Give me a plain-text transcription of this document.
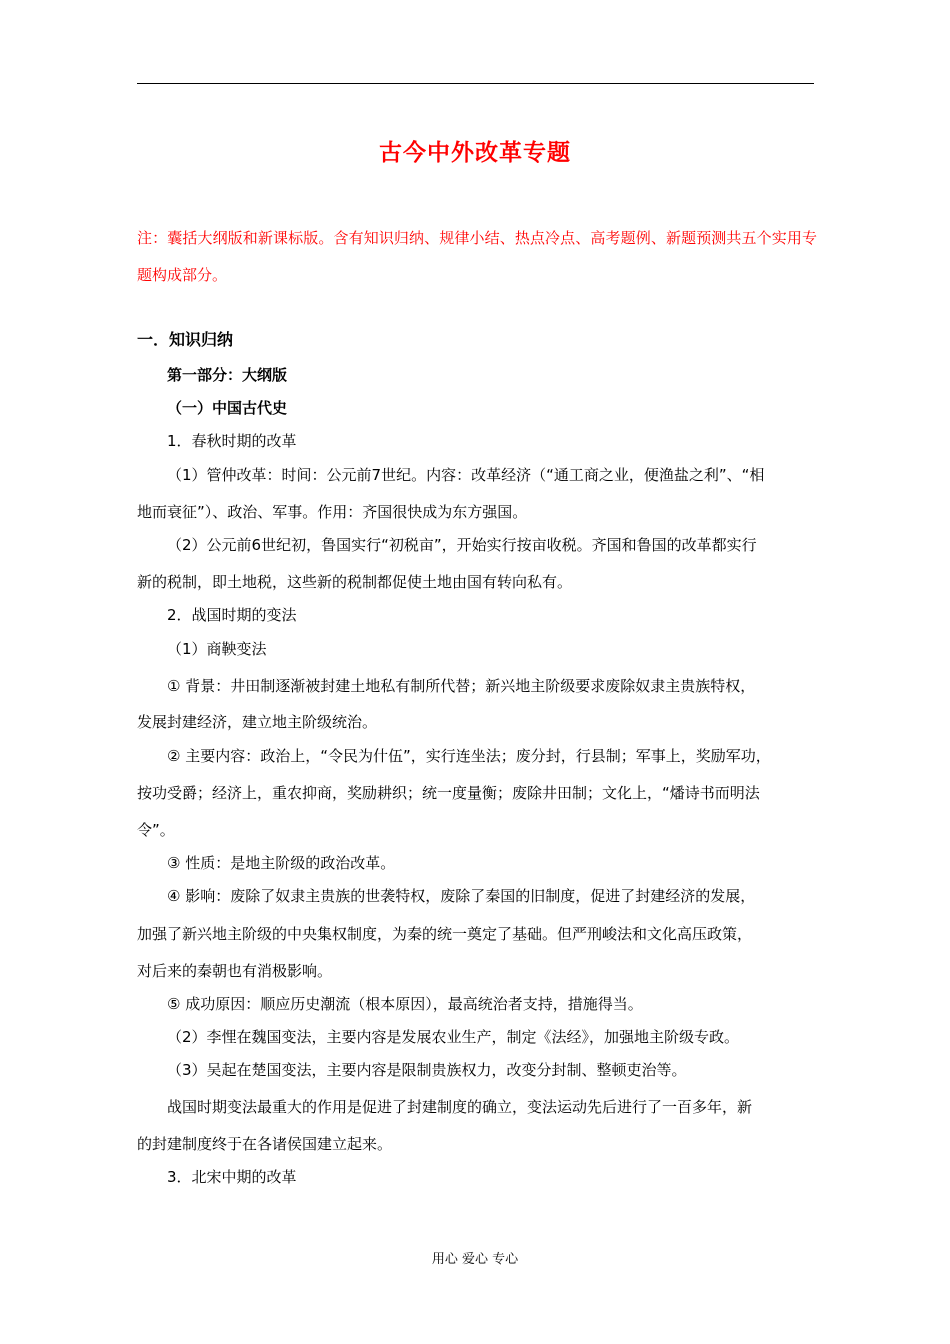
古今中外改革专题
注：囊括大纲版和新课标版。含有知识归纳、规律小结、热点冷点、高考题例、新题预测共五个实用专题构成部分。
一．知识归纳
第一部分：大纲版
（一）中国古代史
1．春秋时期的改革
（1）管仲改革：时间：公元前7世纪。内容：改革经济（“通工商之业，便渔盐之利”、“相
地而衰征”）、政治、军事。作用：齐国很快成为东方强国。
（2）公元前6世纪初，鲁国实行“初税亩”，开始实行按亩收税。齐国和鲁国的改革都实行
新的税制，即土地税，这些新的税制都促使土地由国有转向私有。
2．战国时期的变法
（1）商鞅变法
① 背景：井田制逐渐被封建土地私有制所代替；新兴地主阶级要求废除奴隶主贵族特权，
发展封建经济，建立地主阶级统治。
② 主要内容：政治上，“令民为什伍”，实行连坐法；废分封，行县制；军事上，奖励军功，
按功受爵；经济上，重农抑商，奖励耕织；统一度量衡；废除井田制；文化上，“燔诗书而明法
令”。
③ 性质：是地主阶级的政治改革。
④ 影响：废除了奴隶主贵族的世袭特权，废除了秦国的旧制度，促进了封建经济的发展，
加强了新兴地主阶级的中央集权制度，为秦的统一奠定了基础。但严刑峻法和文化高压政策，
对后来的秦朝也有消极影响。
⑤ 成功原因：顺应历史潮流（根本原因），最高统治者支持，措施得当。
（2）李悝在魏国变法，主要内容是发展农业生产，制定《法经》，加强地主阶级专政。
（3）吴起在楚国变法，主要内容是限制贵族权力，改变分封制、整顿吏治等。
战国时期变法最重大的作用是促进了封建制度的确立，变法运动先后进行了一百多年，新
的封建制度终于在各诸侯国建立起来。
3．北宋中期的改革
用心 爱心 专心
